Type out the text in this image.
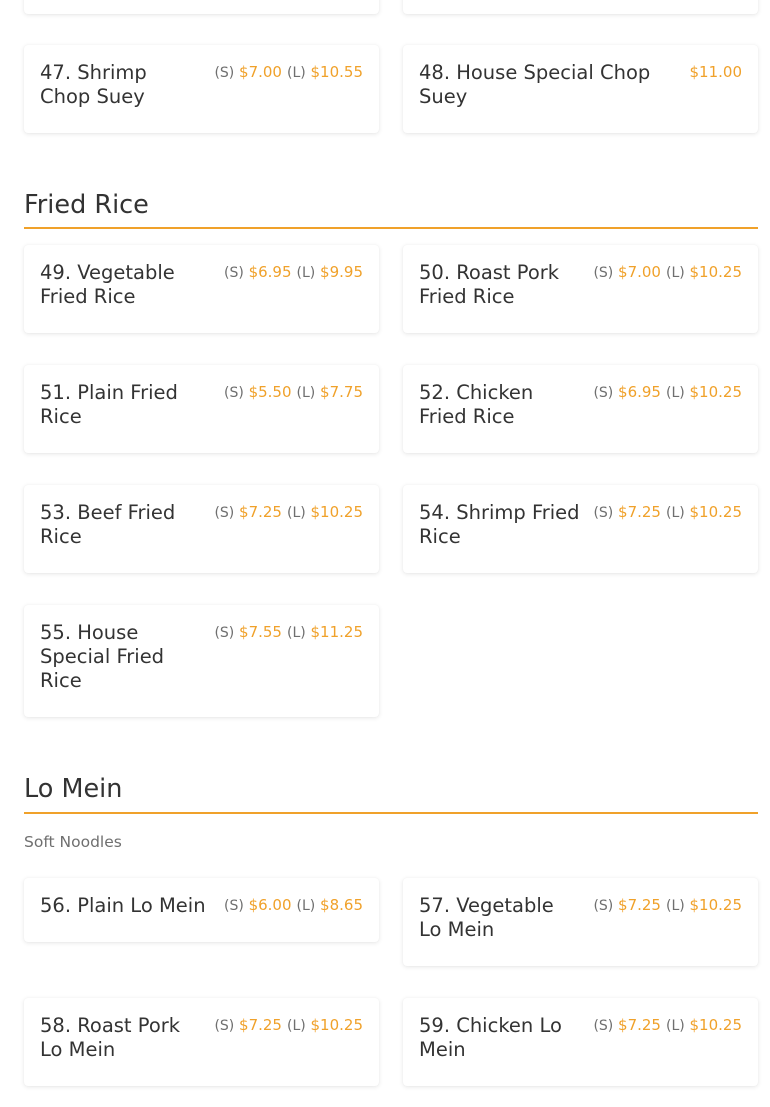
47. Shrimp Chop Suey
(S) $7.00 (L) $10.55	48. House Special Chop Suey
$11.00
Fried Rice
49. Vegetable Fried Rice
(S) $6.95 (L) $9.95	50. Roast Pork Fried Rice
(S) $7.00 (L) $10.25
51. Plain Fried Rice
(S) $5.50 (L) $7.75	52. Chicken Fried Rice
(S) $6.95 (L) $10.25
53. Beef Fried Rice
(S) $7.25 (L) $10.25	54. Shrimp Fried Rice
(S) $7.25 (L) $10.25
55. House Special Fried Rice
(S) $7.55 (L) $11.25
Lo Mein
Soft Noodles
56. Plain Lo Mein	(S) $6.00 (L) $8.65	57. Vegetable Lo Mein
(S) $7.25 (L) $10.25
58. Roast Pork Lo Mein
(S) $7.25 (L) $10.25	59. Chicken Lo Mein
(S) $7.25 (L) $10.25
